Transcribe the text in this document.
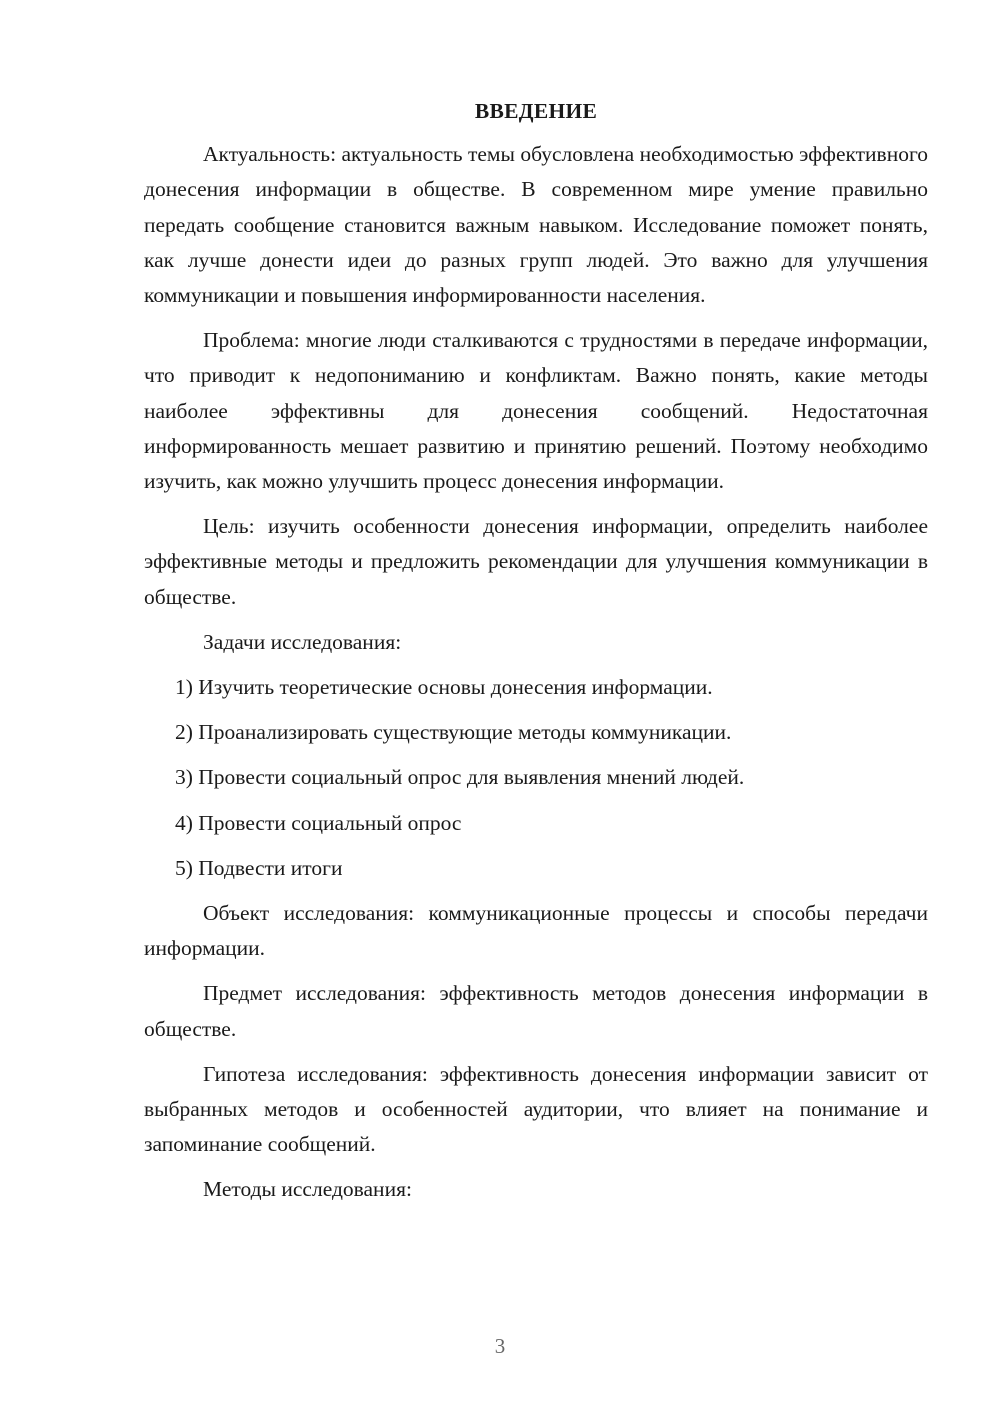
ВВЕДЕНИЕ

Актуальность: актуальность темы обусловлена необходимостью эффективного донесения информации в обществе. В современном мире умение правильно передать сообщение становится важным навыком. Исследование поможет понять, как лучше донести идеи до разных групп людей. Это важно для улучшения коммуникации и повышения информированности населения.

Проблема: многие люди сталкиваются с трудностями в передаче информации, что приводит к недопониманию и конфликтам. Важно понять, какие методы наиболее эффективны для донесения сообщений. Недостаточная информированность мешает развитию и принятию решений. Поэтому необходимо изучить, как можно улучшить процесс донесения информации.

Цель: изучить особенности донесения информации, определить наиболее эффективные методы и предложить рекомендации для улучшения коммуникации в обществе.

Задачи исследования:

1) Изучить теоретические основы донесения информации.
2) Проанализировать существующие методы коммуникации.
3) Провести социальный опрос для выявления мнений людей.
4) Провести социальный опрос
5) Подвести итоги

Объект исследования: коммуникационные процессы и способы передачи информации.

Предмет исследования: эффективность методов донесения информации в обществе.

Гипотеза исследования: эффективность донесения информации зависит от выбранных методов и особенностей аудитории, что влияет на понимание и запоминание сообщений.

Методы исследования:

3
